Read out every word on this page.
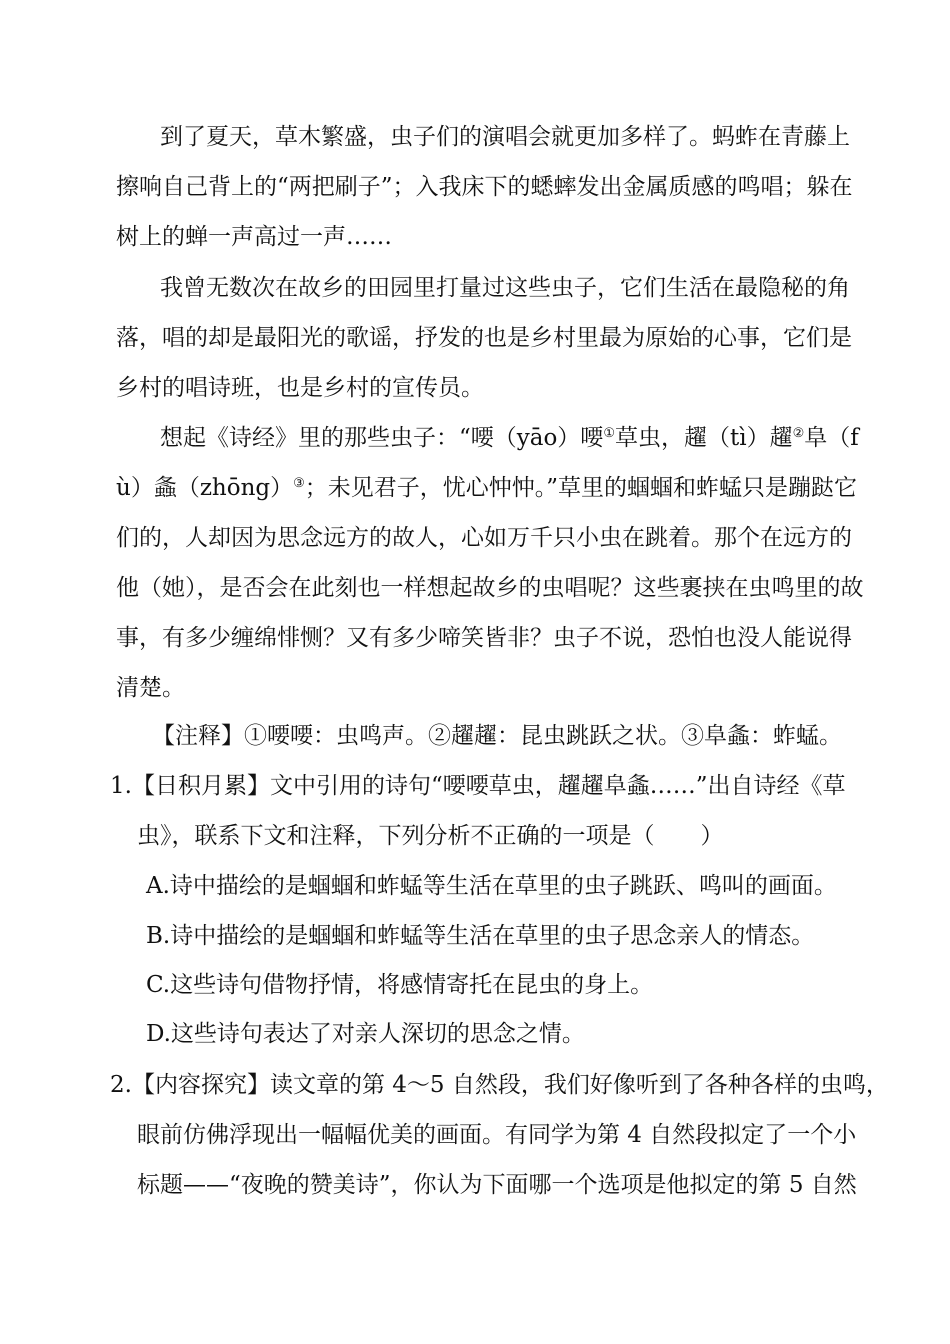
到了夏天，草木繁盛，虫子们的演唱会就更加多样了。蚂蚱在青藤上
擦响自己背上的“两把刷子”；入我床下的蟋蟀发出金属质感的鸣唱；躲在
树上的蝉一声高过一声……
我曾无数次在故乡的田园里打量过这些虫子，它们生活在最隐秘的角
落，唱的却是最阳光的歌谣，抒发的也是乡村里最为原始的心事，它们是
乡村的唱诗班，也是乡村的宣传员。
想起《诗经》里的那些虫子：“喓（yāo）喓①草虫，趯（tì）趯②阜（f
ù）螽（zhōng）③；未见君子，忧心忡忡。”草里的蝈蝈和蚱蜢只是蹦跶它
们的，人却因为思念远方的故人，心如万千只小虫在跳着。那个在远方的
他（她），是否会在此刻也一样想起故乡的虫唱呢？这些裹挟在虫鸣里的故
事，有多少缠绵悱恻？又有多少啼笑皆非？虫子不说，恐怕也没人能说得
清楚。
【注释】①喓喓：虫鸣声。②趯趯：昆虫跳跃之状。③阜螽：蚱蜢。
1.【日积月累】文中引用的诗句“喓喓草虫，趯趯阜螽……”出自诗经《草
虫》，联系下文和注释，下列分析不正确的一项是（　　）
A.诗中描绘的是蝈蝈和蚱蜢等生活在草里的虫子跳跃、鸣叫的画面。
B.诗中描绘的是蝈蝈和蚱蜢等生活在草里的虫子思念亲人的情态。
C.这些诗句借物抒情，将感情寄托在昆虫的身上。
D.这些诗句表达了对亲人深切的思念之情。
2.【内容探究】读文章的第 4～5 自然段，我们好像听到了各种各样的虫鸣，
眼前仿佛浮现出一幅幅优美的画面。有同学为第 4 自然段拟定了一个小
标题——“夜晚的赞美诗”，你认为下面哪一个选项是他拟定的第 5 自然
